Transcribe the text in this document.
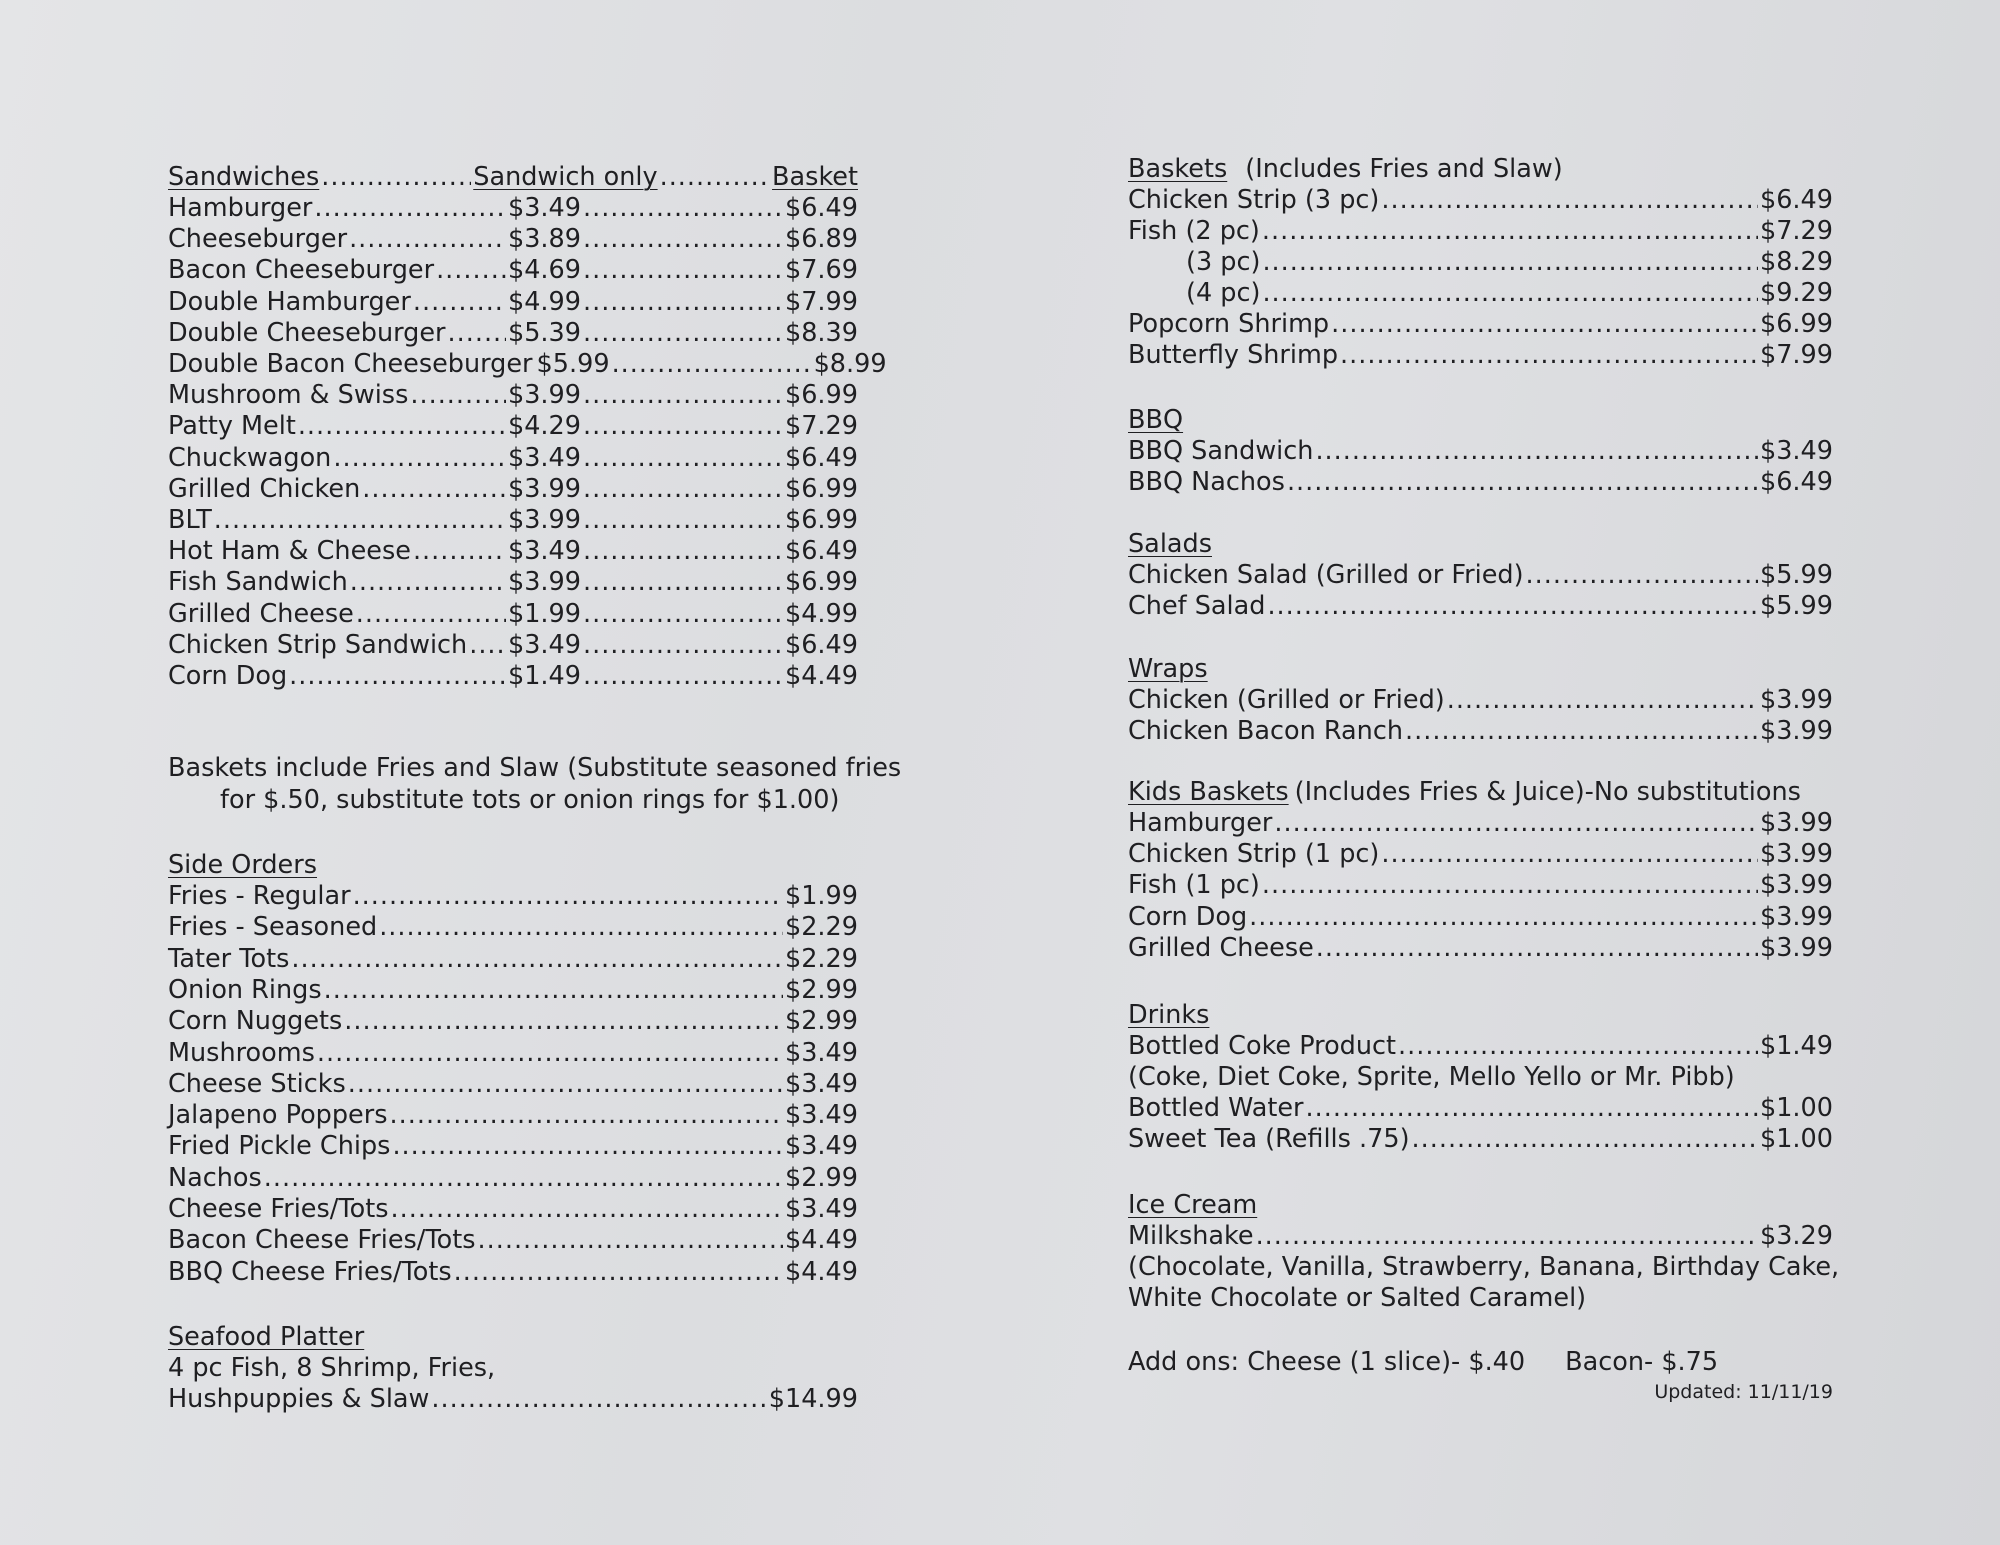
Sandwiches .....	Sandwich only .....	Basket
Hamburger .....	$3.49 .....	$6.49
Cheeseburger .....	$3.89 .....	$6.89
Bacon Cheeseburger .....	$4.69 .....	$7.69
Double Hamburger .....	$4.99 .....	$7.99
Double Cheeseburger ..... $5.39 .....	$8.39
Double Bacon Cheeseburger $5.99 .....	$8.99
Mushroom & Swiss .....	$3.99 .....	$6.99
Patty Melt .....	$4.29 .....	$7.29
Chuckwagon .....	$3.49 .....	$6.49
Grilled Chicken .....	$3.99 .....	$6.99
BLT .....	$3.99 .....	$6.99
Hot Ham & Cheese .....	$3.49 .....	$6.49
Fish Sandwich .....	$3.99 .....	$6.99
Grilled Cheese .....	$1.99 .....	$4.99
Chicken Strip Sandwich ..... $3.49 .....	$6.49
Corn Dog .....	$1.49 .....	$4.49
Baskets include Fries and Slaw (Substitute seasoned fries
for $.50, substitute tots or onion rings for $1.00)
Side Orders
Fries - Regular .....	$1.99
Fries - Seasoned .....	$2.29
Tater Tots .....	$2.29
Onion Rings .....	$2.99
Corn Nuggets .....	$2.99
Mushrooms .....	$3.49
Cheese Sticks .....	$3.49
Jalapeno Poppers .....	$3.49
Fried Pickle Chips .....	$3.49
Nachos .....	$2.99
Cheese Fries/Tots .....	$3.49
Bacon Cheese Fries/Tots .....	$4.49
BBQ Cheese Fries/Tots .....	$4.49
Seafood Platter
4 pc Fish, 8 Shrimp, Fries,
Hushpuppies & Slaw .....	$14.99
Baskets (Includes Fries and Slaw)
Chicken Strip (3 pc) .....	$6.49
Fish (2 pc) .....	$7.29
(3 pc) .....	$8.29
(4 pc) .....	$9.29
Popcorn Shrimp .....	$6.99
Butterfly Shrimp .....	$7.99
BBQ
BBQ Sandwich .....	$3.49
BBQ Nachos .....	$6.49
Salads
Chicken Salad (Grilled or Fried) .....	$5.99
Chef Salad .....	$5.99
Wraps
Chicken (Grilled or Fried) .....	$3.99
Chicken Bacon Ranch .....	$3.99
Kids Baskets (Includes Fries & Juice)-No substitutions
Hamburger .....	$3.99
Chicken Strip (1 pc) .....	$3.99
Fish (1 pc) .....	$3.99
Corn Dog .....	$3.99
Grilled Cheese .....	$3.99
Drinks
Bottled Coke Product .....	$1.49
(Coke, Diet Coke, Sprite, Mello Yello or Mr. Pibb)
Bottled Water .....	$1.00
Sweet Tea (Refills .75) .....	$1.00
Ice Cream
Milkshake .....	$3.29
(Chocolate, Vanilla, Strawberry, Banana, Birthday Cake,
White Chocolate or Salted Caramel)
Add ons: Cheese (1 slice)- $.40 Bacon- $.75
Updated: 11/11/19
